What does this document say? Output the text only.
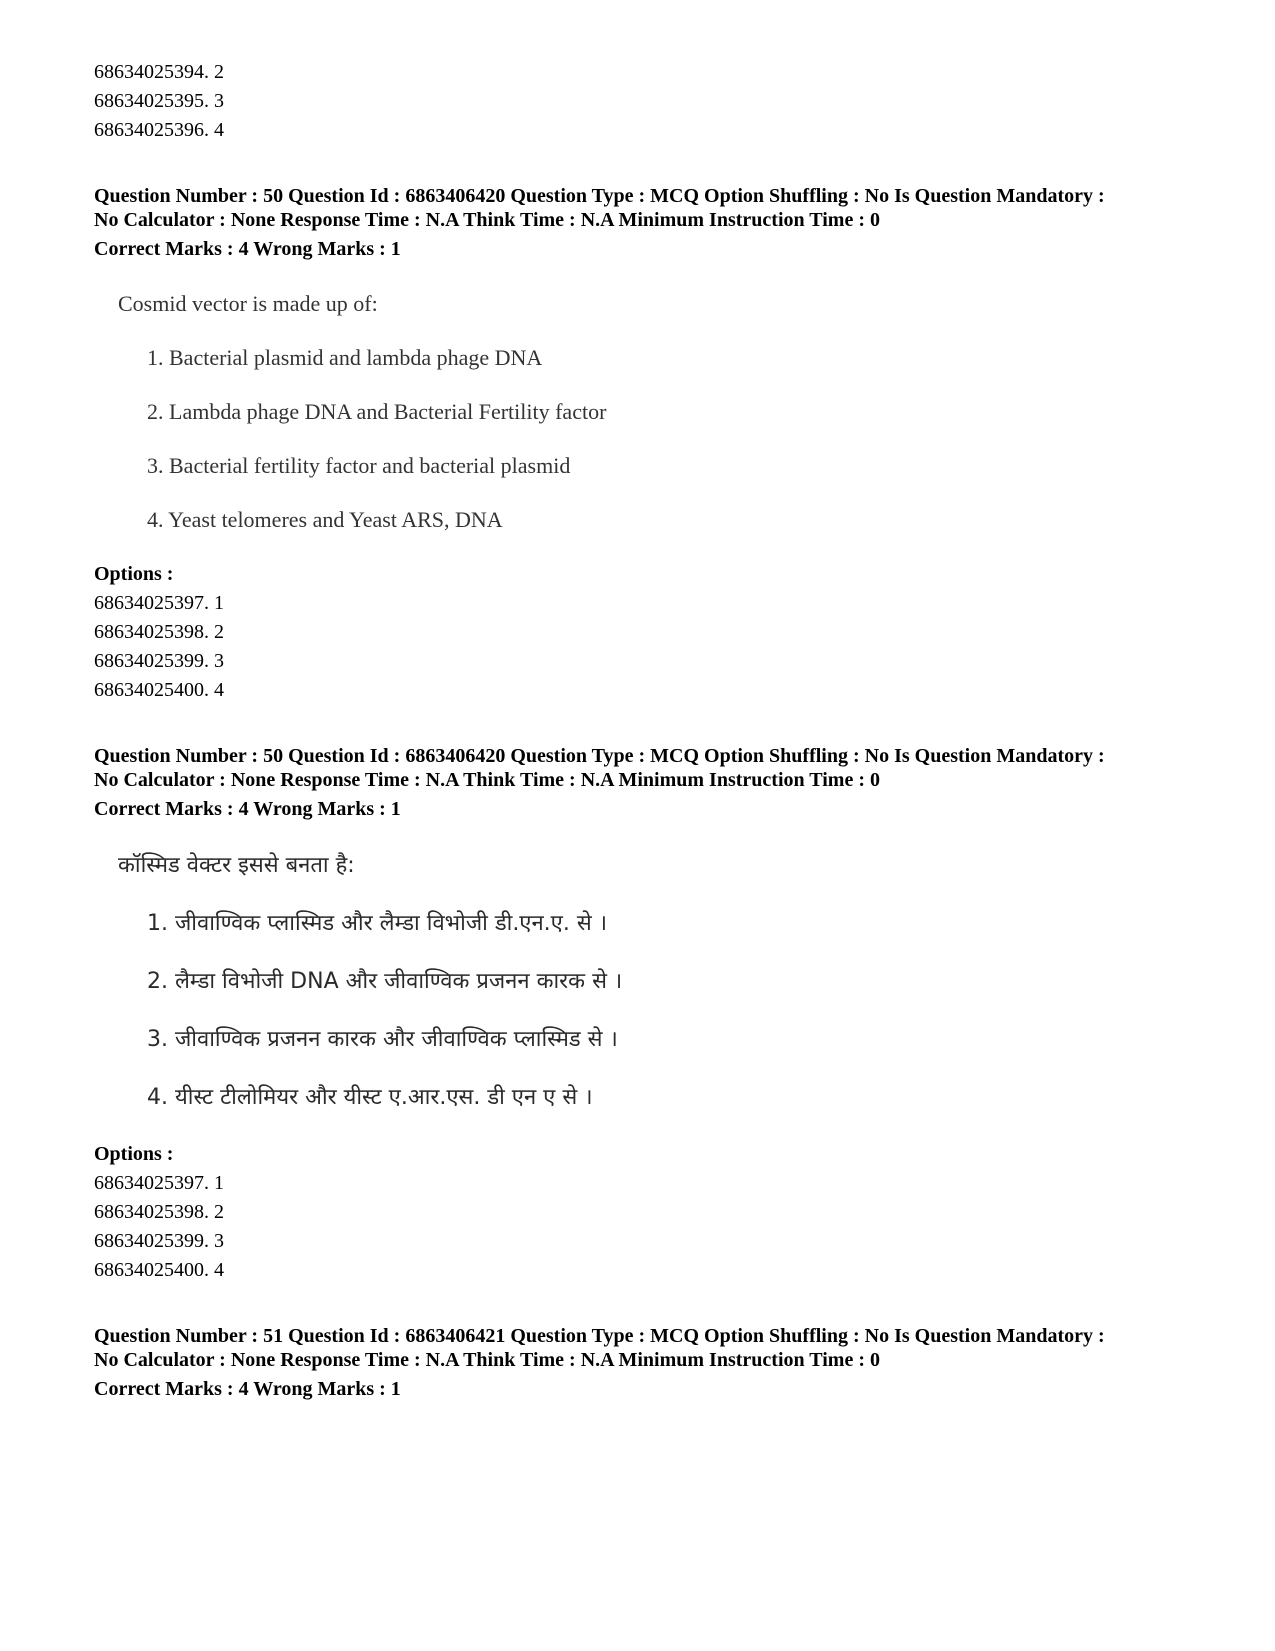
68634025394. 2
68634025395. 3
68634025396. 4
Question Number : 50 Question Id : 6863406420 Question Type : MCQ Option Shuffling : No Is Question Mandatory :
No Calculator : None Response Time : N.A Think Time : N.A Minimum Instruction Time : 0
Correct Marks : 4 Wrong Marks : 1
Cosmid vector is made up of:
1. Bacterial plasmid and lambda phage DNA
2. Lambda phage DNA and Bacterial Fertility factor
3. Bacterial fertility factor and bacterial plasmid
4. Yeast telomeres and Yeast ARS, DNA
Options :
68634025397. 1
68634025398. 2
68634025399. 3
68634025400. 4
Question Number : 50 Question Id : 6863406420 Question Type : MCQ Option Shuffling : No Is Question Mandatory :
No Calculator : None Response Time : N.A Think Time : N.A Minimum Instruction Time : 0
Correct Marks : 4 Wrong Marks : 1
कॉस्मिड वेक्टर इससे बनता है:
1. जीवाण्विक प्लास्मिड और लैम्डा विभोजी डी.एन.ए. से ।
2. लैम्डा विभोजी DNA और जीवाण्विक प्रजनन कारक से ।
3. जीवाण्विक प्रजनन कारक और जीवाण्विक प्लास्मिड से ।
4. यीस्ट टीलोमियर और यीस्ट ए.आर.एस. डी एन ए से ।
Options :
68634025397. 1
68634025398. 2
68634025399. 3
68634025400. 4
Question Number : 51 Question Id : 6863406421 Question Type : MCQ Option Shuffling : No Is Question Mandatory :
No Calculator : None Response Time : N.A Think Time : N.A Minimum Instruction Time : 0
Correct Marks : 4 Wrong Marks : 1
